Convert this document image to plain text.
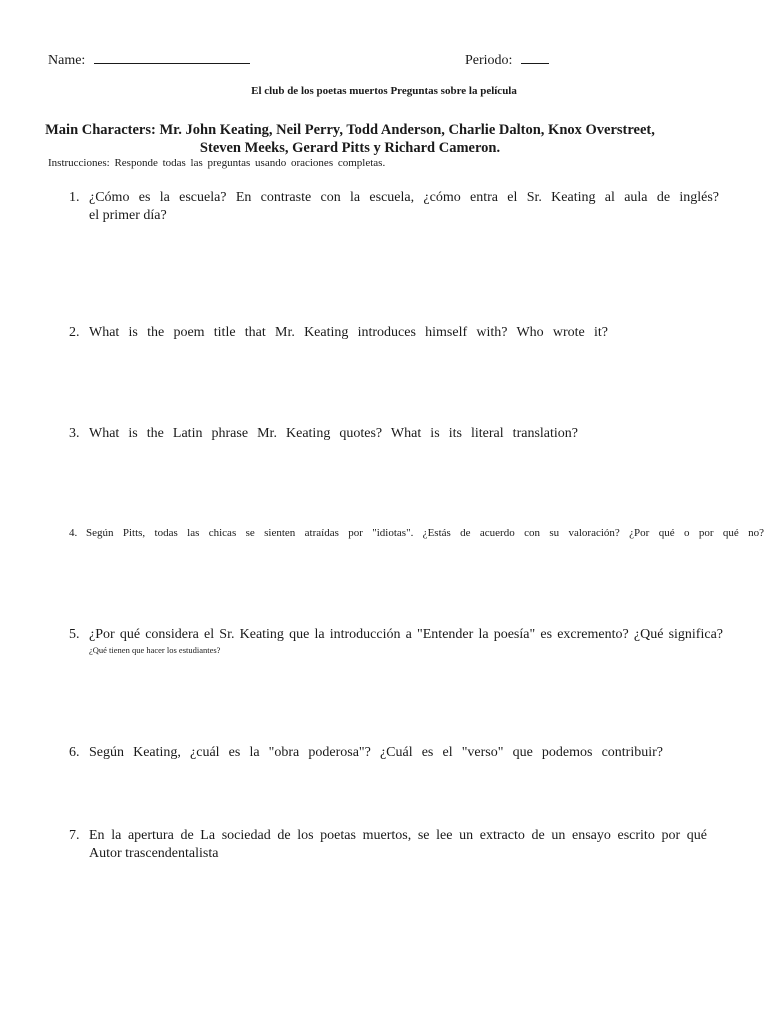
Name:	Periodo:
El club de los poetas muertos Preguntas sobre la película
Main Characters: Mr. John Keating, Neil Perry, Todd Anderson, Charlie Dalton, Knox Overstreet,
Steven Meeks, Gerard Pitts y Richard Cameron.
Instrucciones: Responde todas las preguntas usando oraciones completas.
1. ¿Cómo es la escuela? En contraste con la escuela, ¿cómo entra el Sr. Keating al aula de inglés?
el primer día?
2. What is the poem title that Mr. Keating introduces himself with? Who wrote it?
3. What is the Latin phrase Mr. Keating quotes? What is its literal translation?
4. Según Pitts, todas las chicas se sienten atraídas por "idiotas". ¿Estás de acuerdo con su valoración? ¿Por qué o por qué no?
5. ¿Por qué considera el Sr. Keating que la introducción a "Entender la poesía" es excremento? ¿Qué significa?
¿Qué tienen que hacer los estudiantes?
6. Según Keating, ¿cuál es la "obra poderosa"? ¿Cuál es el "verso" que podemos contribuir?
7. En la apertura de La sociedad de los poetas muertos, se lee un extracto de un ensayo escrito por qué
Autor trascendentalista
